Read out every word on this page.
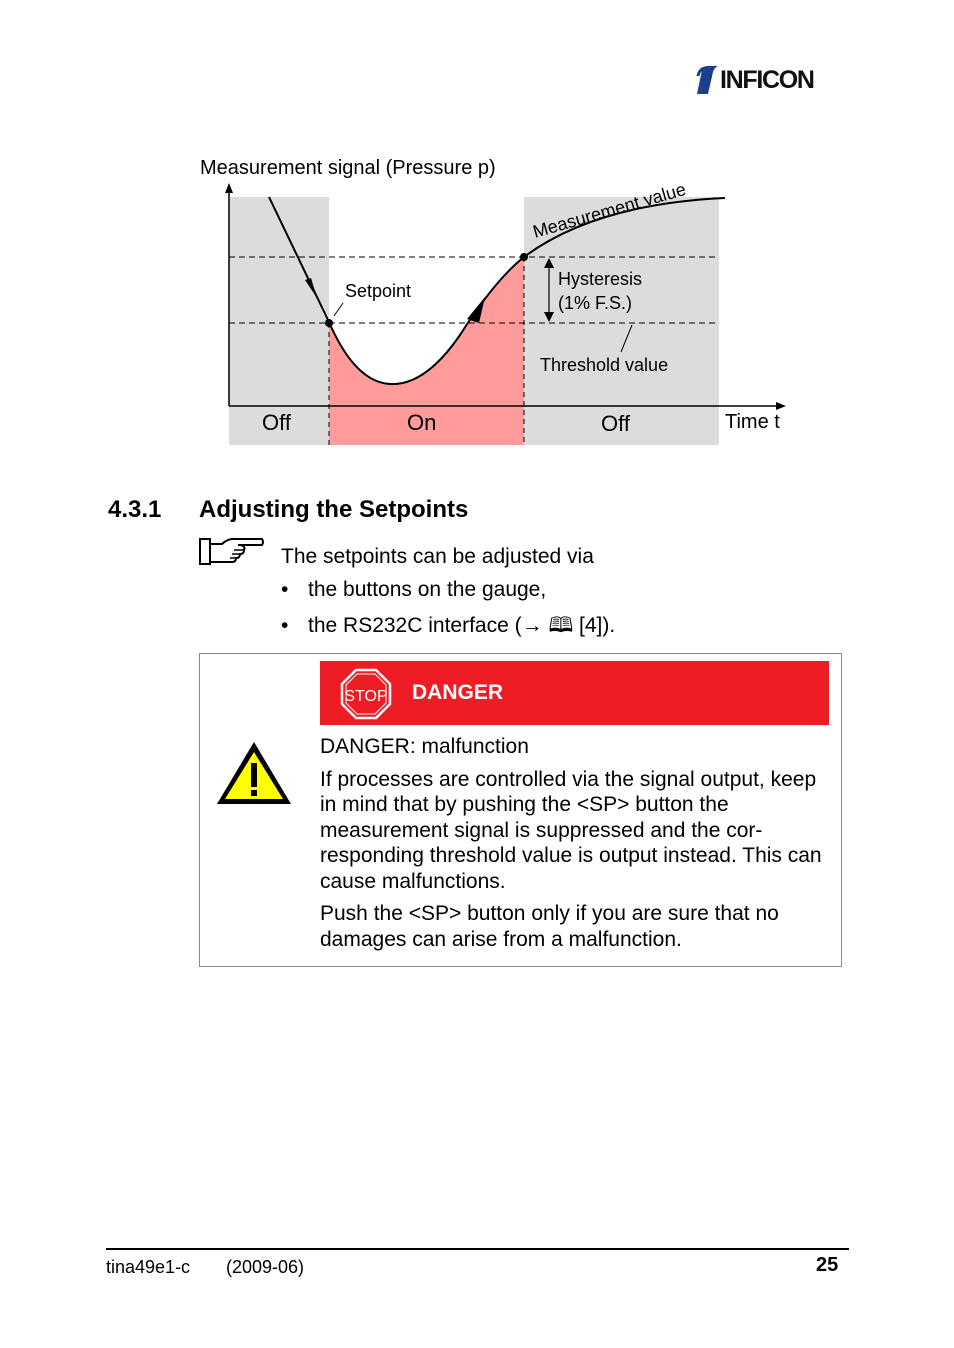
INFICON
Measurement signal (Pressure p)
Measurement value
Setpoint
Hysteresis
(1% F.S.)
Threshold value
Off	On	Off	Time t
4.3.1 Adjusting the Setpoints
The setpoints can be adjusted via
• the buttons on the gauge,
• the RS232C interface (→ 🕮 [4]).
STOP DANGER

DANGER: malfunction

If processes are controlled via the signal output, keep in mind that by pushing the <SP> button the measurement signal is suppressed and the cor-responding threshold value is output instead. This can cause malfunctions.

Push the <SP> button only if you are sure that no damages can arise from a malfunction.

tina49e1-c (2009-06)	25
